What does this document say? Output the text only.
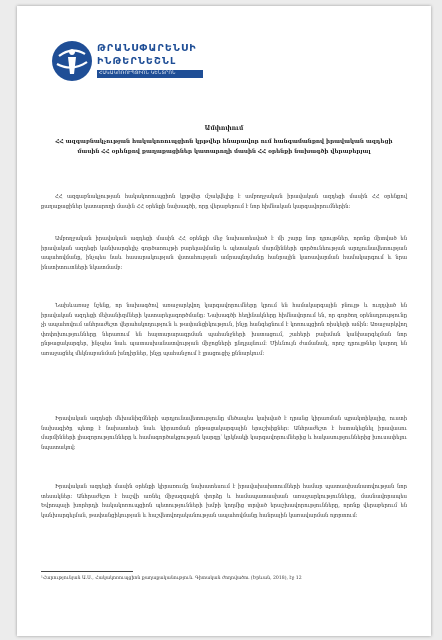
ԹՐԱՆՍՓԱՐԵՆՍԻ
ԻՆԹԵՐՆԵՇՆԼ
ՀԱԿԱԿՈՌՈՒՊՑԻՈՆ ԿԵՆՏՐՈՆ
Ամփոփում
ՀՀ ազգաբնակչության հակակոռուպցիոն կրթվեր հնարավոր ում հանգամանքով իրավական ազդեցի մասին ՀՀ օրենքով քաղաքացիներ կատարողի մասին ՀՀ օրենքի նախագծի վերաբերյալ
ՀՀ ազգաբնակչության հակակոռուպցիոն կրթվեր մշակվելիք է ամբողջական իրավական ազդեցի մասին ՀՀ օրենքով քաղաքացիներ կատարողի մասին ՀՀ օրենքի նախագծի, որը վերաբերում է նոր հիմնական կարգավորումներին:
Ամբողջական իրավական ազդեցի մասին ՀՀ օրենքի մեջ նախատեսված է մի շարք նոր դրույթներ, որոնք միտված են իրավական ազդեցի կանխարգելիչ գործառույթի բարելավմանը և պետական մարմինների գործունեության արդյունավետության ապահովմանը, ինչպես նաև հասարակության վստահության ամրապնդմանը հանրային կառավարման համակարգում և նրա ինստիտուտների նկատմամբ:
Նախևառաջ նշենք, որ նախագծով առաջարկվող կարգավորումները կրում են համակարգային բնույթ և ուղղված են իրավական ազդեցի մեխանիզմների կատարելագործմանը: Նախագծի հեղինակները հիմնավորում են, որ գործող օրենսդրությունը չի ապահովում անհրաժեշտ վերահսկողություն և թափանցիկություն, ինչը հանգեցնում է կոռուպցիոն ռիսկերի աճին: Առաջարկվող փոփոխությունները ներառում են հայտարարագրման պահանջների խստացում, շահերի բախման կանխարգելման նոր ընթացակարգեր, ինչպես նաև պատասխանատվության միջոցների ընդլայնում: Միևնույն ժամանակ, որոշ դրույթներ կարող են առաջացնել մեկնաբանման խնդիրներ, ինչը պահանջում է լրացուցիչ քննարկում:
Իրավական ազդեցի մեխանիզմների արդյունավետությունը մեծապես կախված է դրանց կիրառման պրակտիկայից, ուստի նախագիծը պետք է նախատեսի նաև կիրառման ընթացակարգային երաշխիքներ: Անհրաժեշտ է հստակեցնել իրավասու մարմինների լիազորությունները և համագործակցության կարգը՝ կրկնակի կարգավորումներից և հակասություններից խուսափելու նպատակով:
Իրավական ազդեցի մասին օրենքի կիրառումը նախատեսում է իրավախախտումների համար պատասխանատվության նոր տեսակներ: Անհրաժեշտ է հաշվի առնել միջազգային փորձը և համապատասխան առաջարկությունները, մասնավորապես Եվրոպայի խորհրդի հակակոռուպցիոն պետությունների խմբի կողմից տրված երաշխավորությունները, որոնք վերաբերում են կանխարգելման, թափանցիկության և հաշվետվողականության ապահովմանը հանրային կառավարման ոլորտում:
¹Հարությունյան Ա.Ս., Հակակոռուպցիոն քաղաքականություն. Գիտական ժողովածու (Երևան, 2018), էջ 12
